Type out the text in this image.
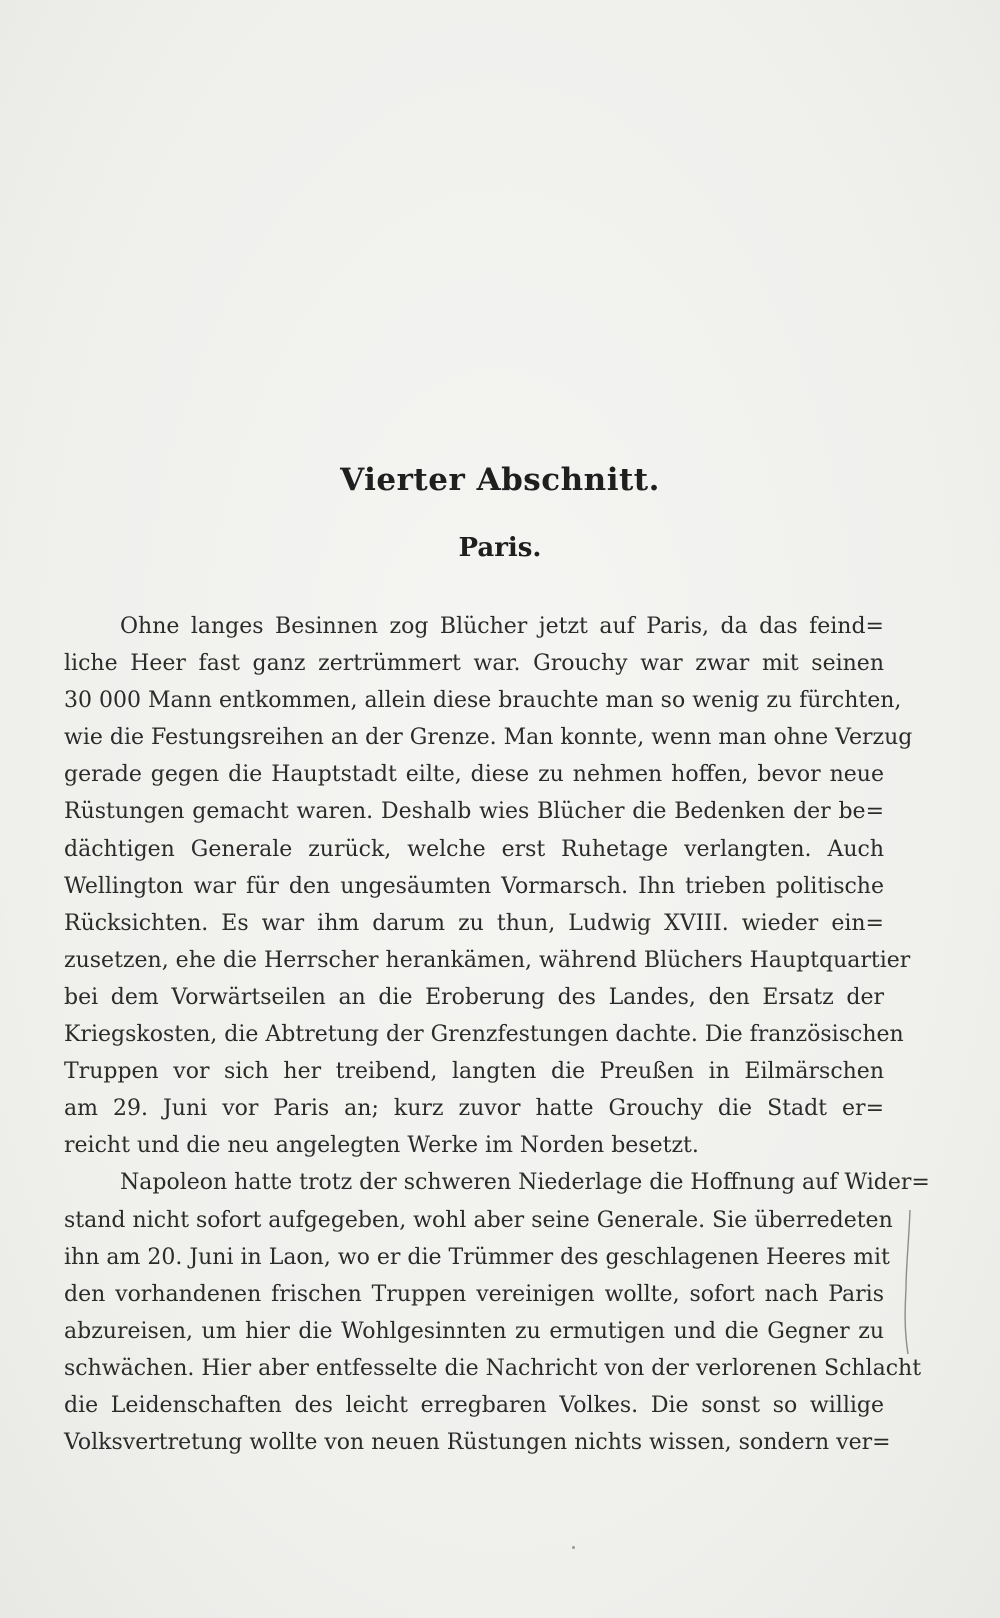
Vierter Abschnitt.
Paris.
Ohne langes Besinnen zog Blücher jetzt auf Paris, da das feind=
liche Heer fast ganz zertrümmert war. Grouchy war zwar mit seinen
30 000 Mann entkommen, allein diese brauchte man so wenig zu fürchten,
wie die Festungsreihen an der Grenze. Man konnte, wenn man ohne Verzug
gerade gegen die Hauptstadt eilte, diese zu nehmen hoffen, bevor neue
Rüstungen gemacht waren. Deshalb wies Blücher die Bedenken der be=
dächtigen Generale zurück, welche erst Ruhetage verlangten. Auch
Wellington war für den ungesäumten Vormarsch. Ihn trieben politische
Rücksichten. Es war ihm darum zu thun, Ludwig XVIII. wieder ein=
zusetzen, ehe die Herrscher herankämen, während Blüchers Hauptquartier
bei dem Vorwärtseilen an die Eroberung des Landes, den Ersatz der
Kriegskosten, die Abtretung der Grenzfestungen dachte. Die französischen
Truppen vor sich her treibend, langten die Preußen in Eilmärschen
am 29. Juni vor Paris an; kurz zuvor hatte Grouchy die Stadt er=
reicht und die neu angelegten Werke im Norden besetzt.
Napoleon hatte trotz der schweren Niederlage die Hoffnung auf Wider=
stand nicht sofort aufgegeben, wohl aber seine Generale. Sie überredeten
ihn am 20. Juni in Laon, wo er die Trümmer des geschlagenen Heeres mit
den vorhandenen frischen Truppen vereinigen wollte, sofort nach Paris
abzureisen, um hier die Wohlgesinnten zu ermutigen und die Gegner zu
schwächen. Hier aber entfesselte die Nachricht von der verlorenen Schlacht
die Leidenschaften des leicht erregbaren Volkes. Die sonst so willige
Volksvertretung wollte von neuen Rüstungen nichts wissen, sondern ver=
